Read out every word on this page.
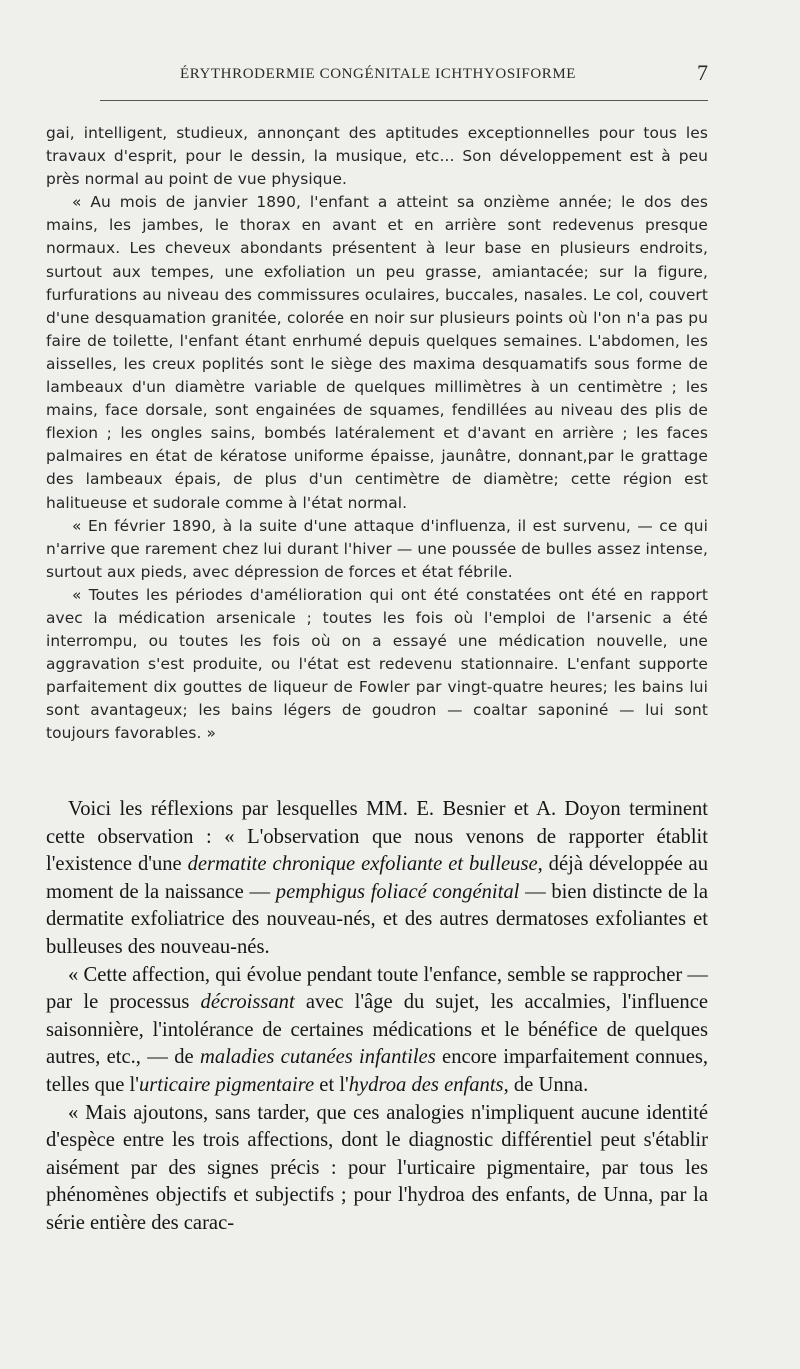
ÉRYTHRODERMIE CONGÉNITALE ICHTHYOSIFORME	7

gai, intelligent, studieux, annonçant des aptitudes exceptionnelles pour tous les travaux d'esprit, pour le dessin, la musique, etc... Son développement est à peu près normal au point de vue physique.

« Au mois de janvier 1890, l'enfant a atteint sa onzième année; le dos des mains, les jambes, le thorax en avant et en arrière sont redevenus presque normaux. Les cheveux abondants présentent à leur base en plusieurs endroits, surtout aux tempes, une exfoliation un peu grasse, amiantacée; sur la figure, furfurations au niveau des commissures oculaires, buccales, nasales. Le col, couvert d'une desquamation granitée, colorée en noir sur plusieurs points où l'on n'a pas pu faire de toilette, l'enfant étant enrhumé depuis quelques semaines. L'abdomen, les aisselles, les creux poplités sont le siège des maxima desquamatifs sous forme de lambeaux d'un diamètre variable de quelques millimètres à un centimètre ; les mains, face dorsale, sont engainées de squames, fendillées au niveau des plis de flexion ; les ongles sains, bombés latéralement et d'avant en arrière ; les faces palmaires en état de kératose uniforme épaisse, jaunâtre, donnant,par le grattage des lambeaux épais, de plus d'un centimètre de diamètre; cette région est halitueuse et sudorale comme à l'état normal.

« En février 1890, à la suite d'une attaque d'influenza, il est survenu, — ce qui n'arrive que rarement chez lui durant l'hiver — une poussée de bulles assez intense, surtout aux pieds, avec dépression de forces et état fébrile.

« Toutes les périodes d'amélioration qui ont été constatées ont été en rapport avec la médication arsenicale ; toutes les fois où l'emploi de l'arsenic a été interrompu, ou toutes les fois où on a essayé une médication nouvelle, une aggravation s'est produite, ou l'état est redevenu stationnaire. L'enfant supporte parfaitement dix gouttes de liqueur de Fowler par vingt-quatre heures; les bains lui sont avantageux; les bains légers de goudron — coaltar saponiné — lui sont toujours favorables. »

Voici les réflexions par lesquelles MM. E. Besnier et A. Doyon terminent cette observation : « L'observation que nous venons de rapporter établit l'existence d'une dermatite chronique exfoliante et bulleuse, déjà développée au moment de la naissance — pemphigus foliacé congénital — bien distincte de la dermatite exfoliatrice des nouveau-nés, et des autres dermatoses exfoliantes et bulleuses des nouveau-nés.

« Cette affection, qui évolue pendant toute l'enfance, semble se rapprocher — par le processus décroissant avec l'âge du sujet, les accalmies, l'influence saisonnière, l'intolérance de certaines médications et le bénéfice de quelques autres, etc., — de maladies cutanées infantiles encore imparfaitement connues, telles que l'urticaire pigmentaire et l'hydroa des enfants, de Unna.

« Mais ajoutons, sans tarder, que ces analogies n'impliquent aucune identité d'espèce entre les trois affections, dont le diagnostic différentiel peut s'établir aisément par des signes précis : pour l'urticaire pigmentaire, par tous les phénomènes objectifs et subjectifs ; pour l'hydroa des enfants, de Unna, par la série entière des carac-
